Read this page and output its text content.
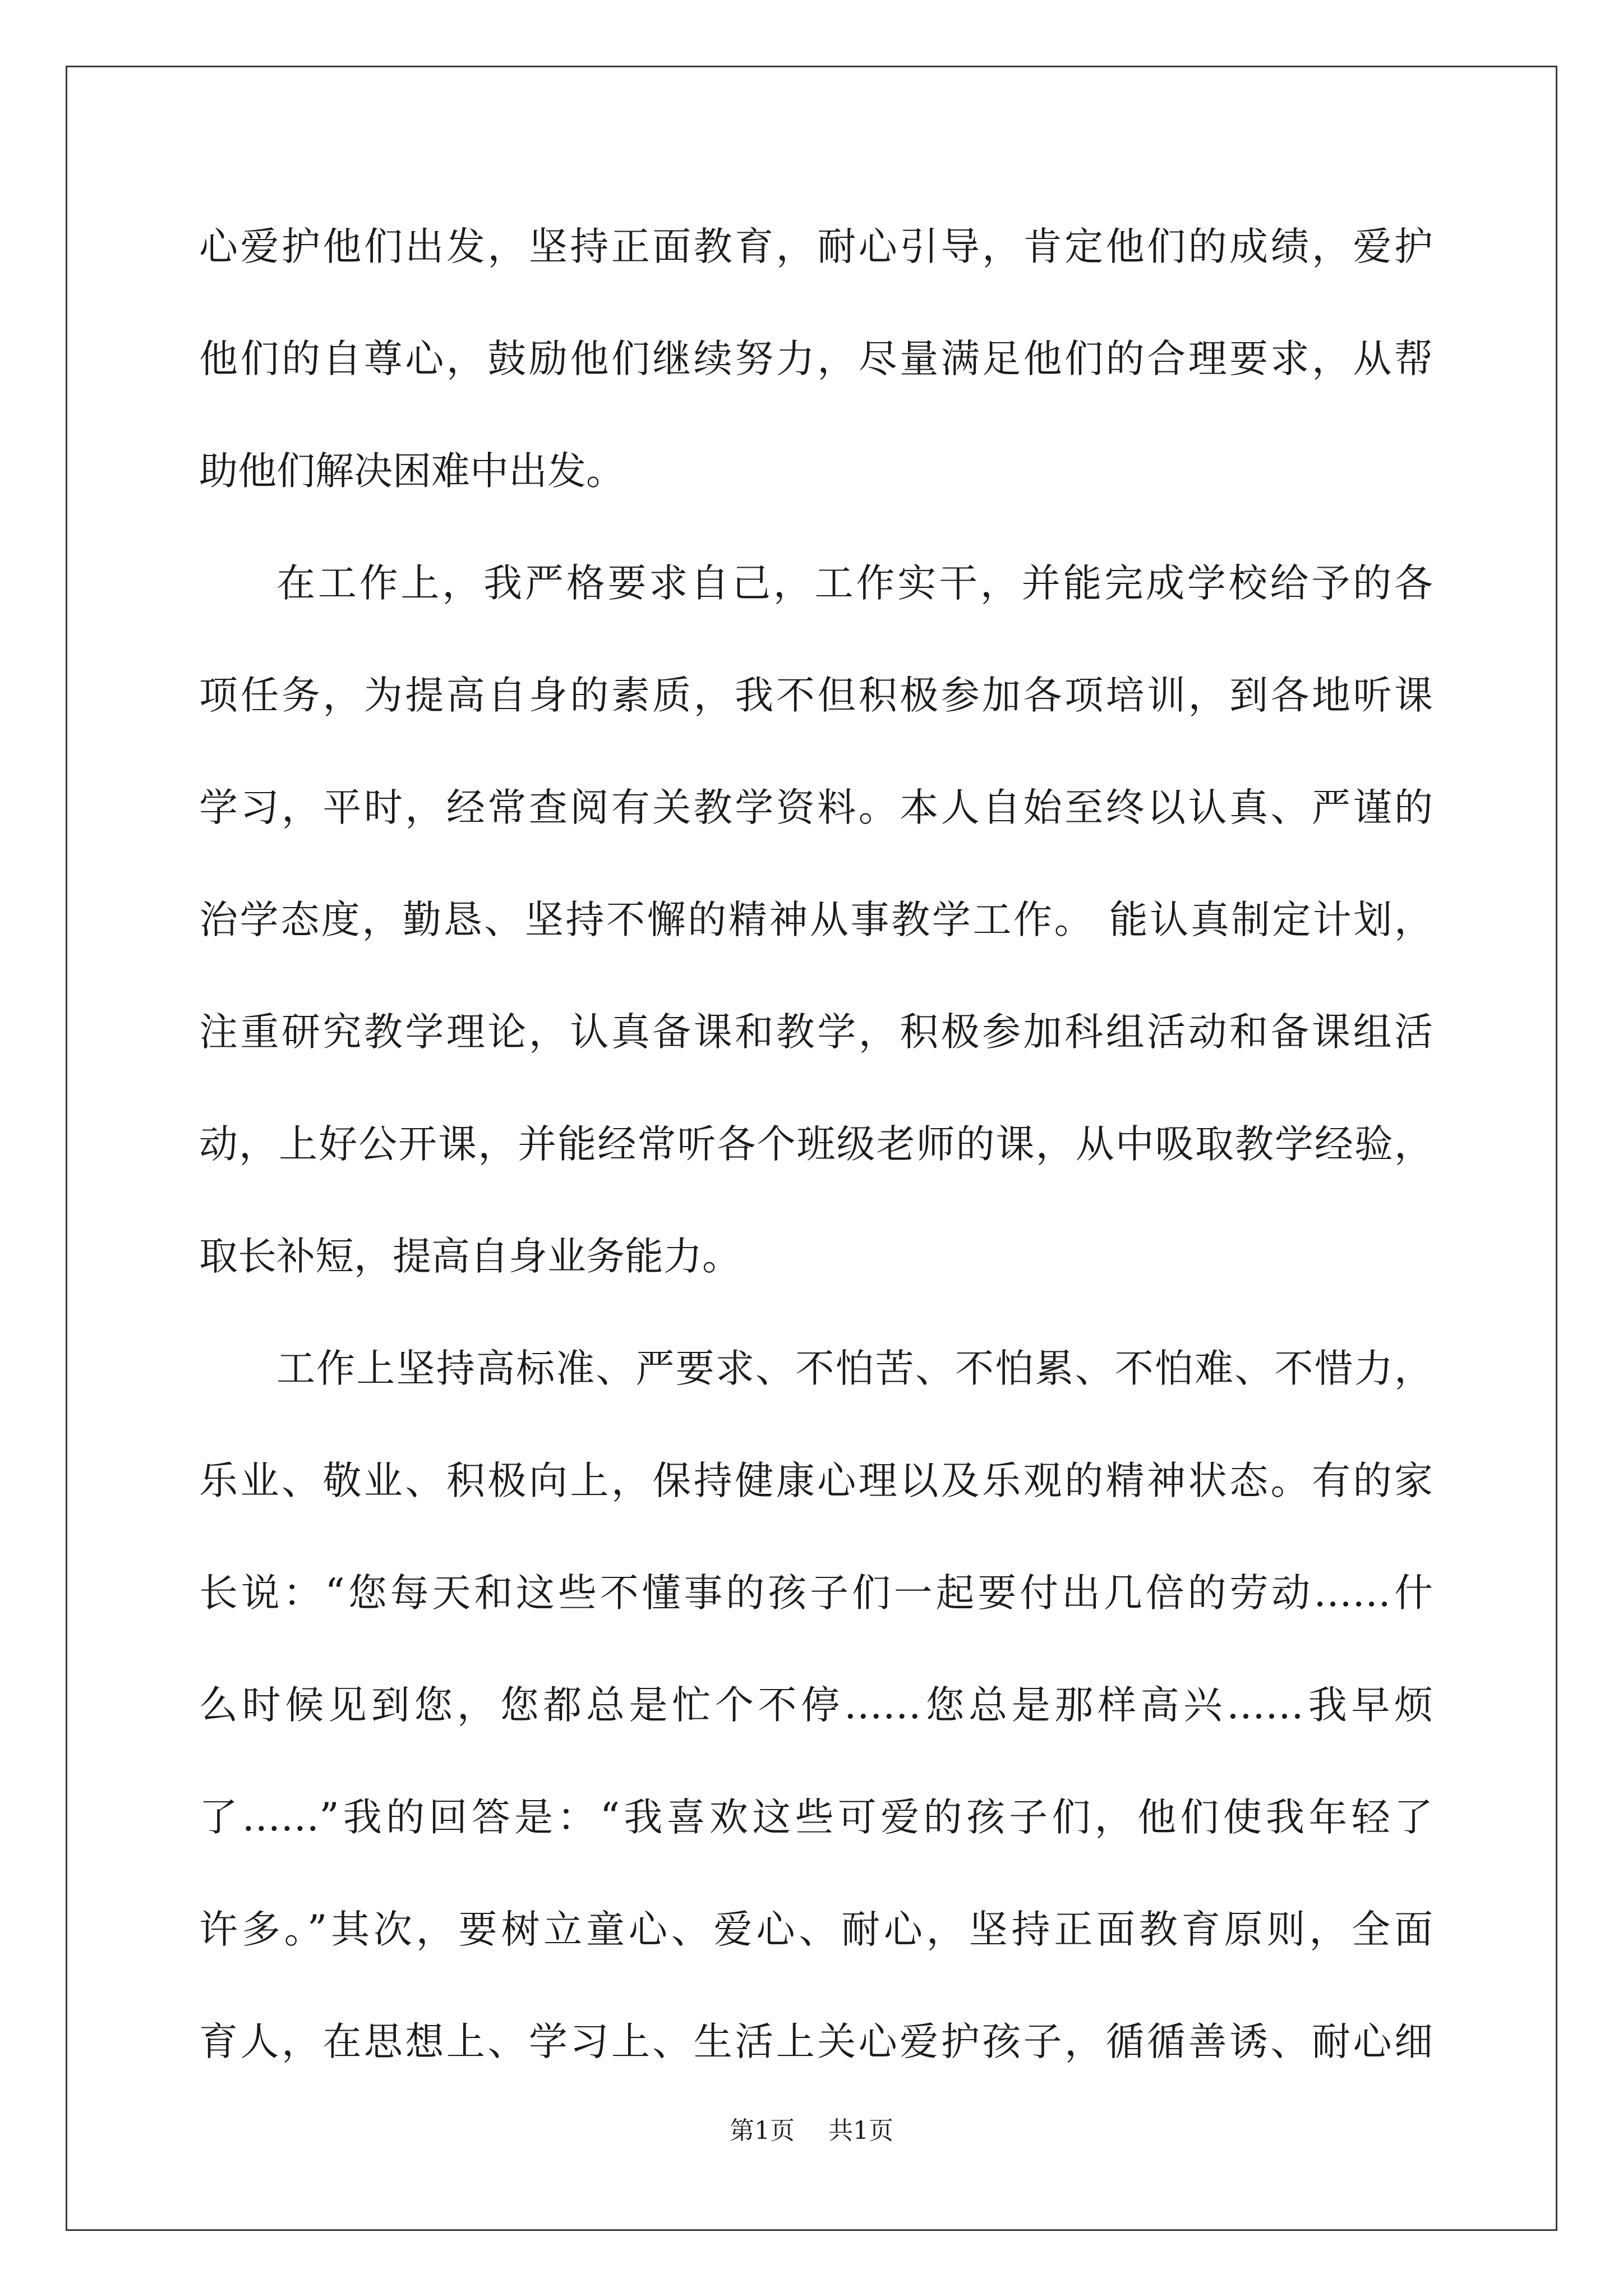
心爱护他们出发，坚持正面教育，耐心引导，肯定他们的成绩，爱护
他们的自尊心，鼓励他们继续努力，尽量满足他们的合理要求，从帮
助他们解决困难中出发。
在工作上，我严格要求自己，工作实干，并能完成学校给予的各
项任务，为提高自身的素质，我不但积极参加各项培训，到各地听课
学习，平时，经常查阅有关教学资料。本人自始至终以认真、严谨的
治学态度，勤恳、坚持不懈的精神从事教学工作。 能认真制定计划，
注重研究教学理论，认真备课和教学，积极参加科组活动和备课组活
动，上好公开课，并能经常听各个班级老师的课，从中吸取教学经验，
取长补短，提高自身业务能力。
工作上坚持高标准、严要求、不怕苦、不怕累、不怕难、不惜力，
乐业、敬业、积极向上，保持健康心理以及乐观的精神状态。有的家
长说：“您每天和这些不懂事的孩子们一起要付出几倍的劳动……什
么时候见到您，您都总是忙个不停……您总是那样高兴……我早烦
了……”我的回答是：“我喜欢这些可爱的孩子们，他们使我年轻了
许多。”其次，要树立童心、爱心、耐心，坚持正面教育原则，全面
育人，在思想上、学习上、生活上关心爱护孩子，循循善诱、耐心细
第1页 共1页
